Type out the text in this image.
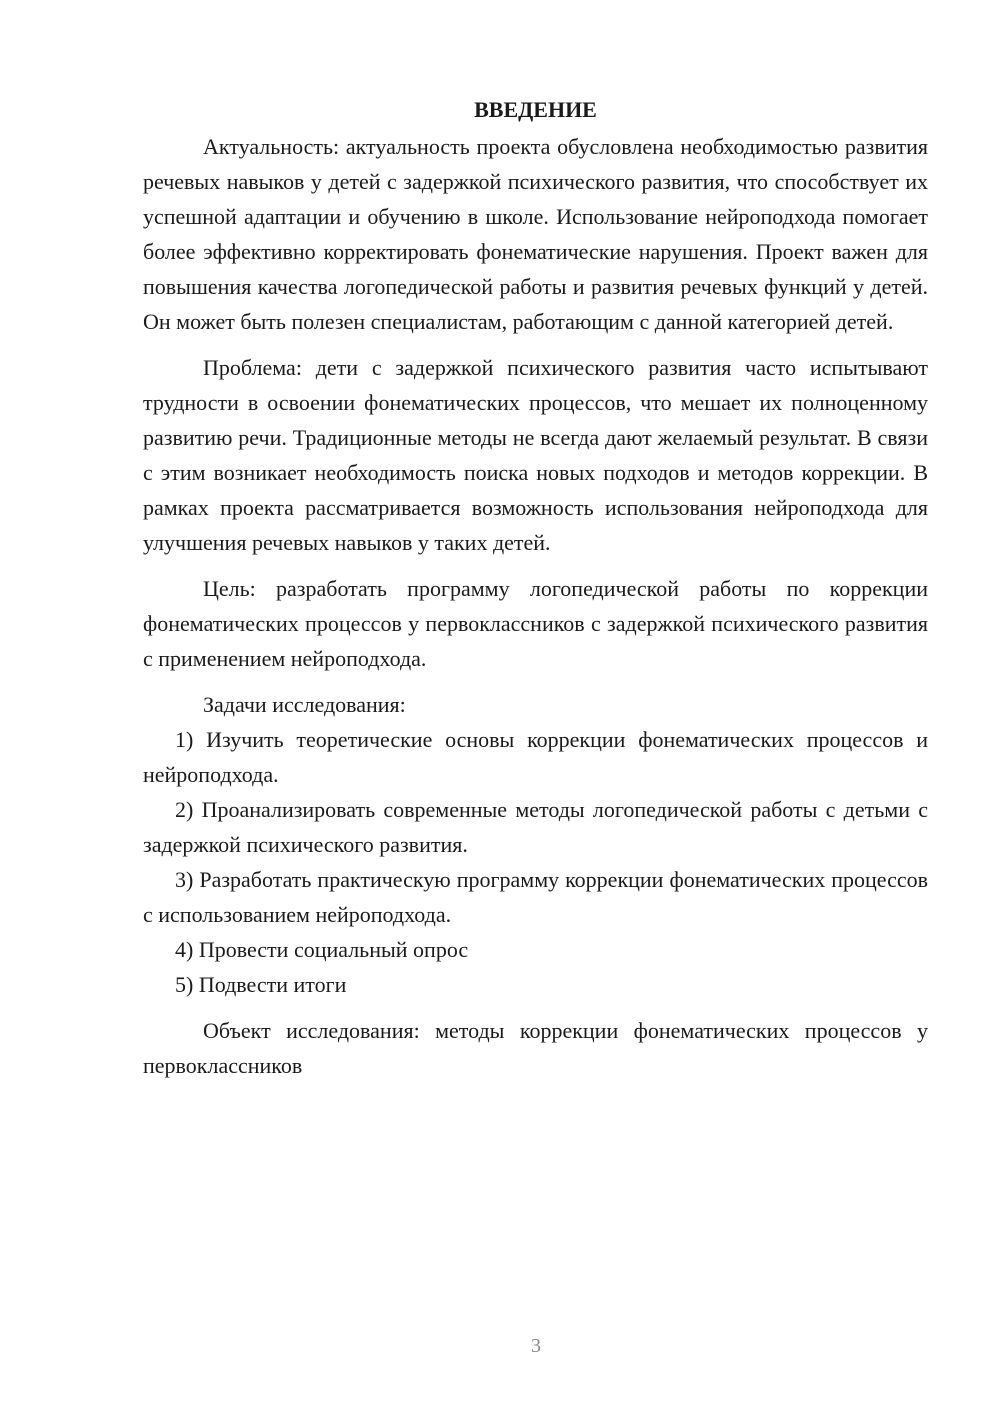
ВВЕДЕНИЕ

Актуальность: актуальность проекта обусловлена необходимостью развития речевых навыков у детей с задержкой психического развития, что способствует их успешной адаптации и обучению в школе. Использование нейроподхода помогает более эффективно корректировать фонематические нарушения. Проект важен для повышения качества логопедической работы и развития речевых функций у детей. Он может быть полезен специалистам, работающим с данной категорией детей.

Проблема: дети с задержкой психического развития часто испытывают трудности в освоении фонематических процессов, что мешает их полноценному развитию речи. Традиционные методы не всегда дают желаемый результат. В связи с этим возникает необходимость поиска новых подходов и методов коррекции. В рамках проекта рассматривается возможность использования нейроподхода для улучшения речевых навыков у таких детей.

Цель: разработать программу логопедической работы по коррекции фонематических процессов у первоклассников с задержкой психического развития с применением нейроподхода.

Задачи исследования:

1) Изучить теоретические основы коррекции фонематических процессов и нейроподхода.

2) Проанализировать современные методы логопедической работы с детьми с задержкой психического развития.

3) Разработать практическую программу коррекции фонематических процессов с использованием нейроподхода.

4) Провести социальный опрос

5) Подвести итоги

Объект исследования: методы коррекции фонематических процессов у первоклассников

3
